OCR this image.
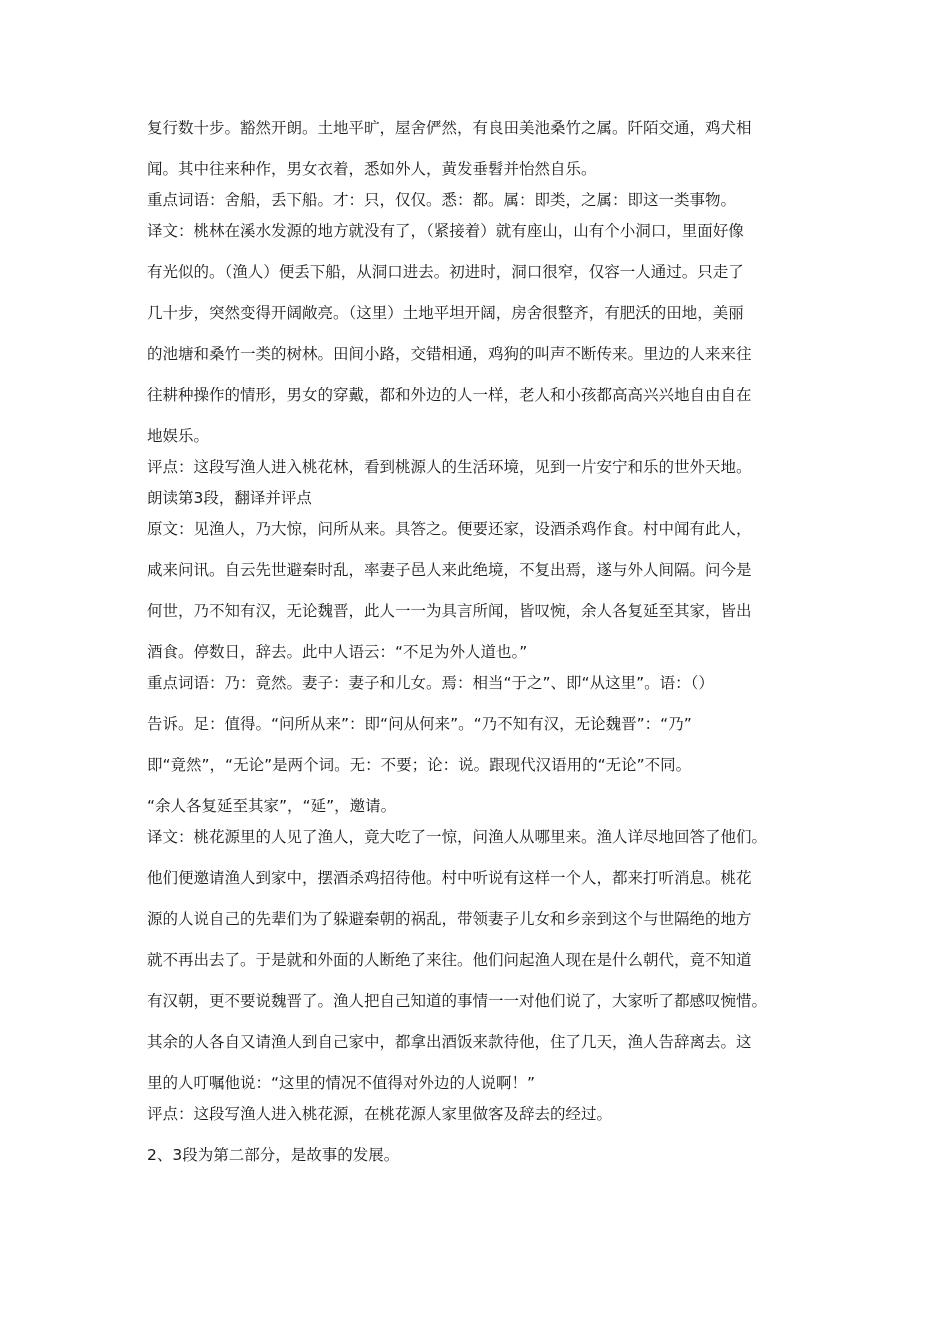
复行数十步。豁然开朗。土地平旷，屋舍俨然，有良田美池桑竹之属。阡陌交通，鸡犬相

闻。其中往来种作，男女衣着，悉如外人，黄发垂髫并怡然自乐。

重点词语：舍船，丢下船。才：只，仅仅。悉：都。属：即类，之属：即这一类事物。

译文：桃林在溪水发源的地方就没有了，（紧接着）就有座山，山有个小洞口，里面好像

有光似的。（渔人）便丢下船，从洞口进去。初进时，洞口很窄，仅容一人通过。只走了

几十步，突然变得开阔敞亮。（这里）土地平坦开阔，房舍很整齐，有肥沃的田地，美丽

的池塘和桑竹一类的树林。田间小路，交错相通，鸡狗的叫声不断传来。里边的人来来往

往耕种操作的情形，男女的穿戴，都和外边的人一样，老人和小孩都高高兴兴地自由自在

地娱乐。

评点：这段写渔人进入桃花林，看到桃源人的生活环境，见到一片安宁和乐的世外天地。

朗读第3段，翻译并评点

原文：见渔人，乃大惊，问所从来。具答之。便要还家，设酒杀鸡作食。村中闻有此人，

咸来问讯。自云先世避秦时乱，率妻子邑人来此绝境，不复出焉，遂与外人间隔。问今是

何世，乃不知有汉，无论魏晋，此人一一为具言所闻，皆叹惋，余人各复延至其家，皆出

酒食。停数日，辞去。此中人语云：“不足为外人道也。”

重点词语：乃：竟然。妻子：妻子和儿女。焉：相当“于之”、即“从这里”。语：（）

告诉。足：值得。“问所从来”：即“问从何来”。“乃不知有汉，无论魏晋”：“乃”

即“竟然”，“无论”是两个词。无：不要；论：说。跟现代汉语用的“无论”不同。

“余人各复延至其家”，“延”，邀请。

译文：桃花源里的人见了渔人，竟大吃了一惊，问渔人从哪里来。渔人详尽地回答了他们。

他们便邀请渔人到家中，摆酒杀鸡招待他。村中听说有这样一个人，都来打听消息。桃花

源的人说自己的先辈们为了躲避秦朝的祸乱，带领妻子儿女和乡亲到这个与世隔绝的地方

就不再出去了。于是就和外面的人断绝了来往。他们问起渔人现在是什么朝代，竟不知道

有汉朝，更不要说魏晋了。渔人把自己知道的事情一一对他们说了，大家听了都感叹惋惜。

其余的人各自又请渔人到自己家中，都拿出酒饭来款待他，住了几天，渔人告辞离去。这

里的人叮嘱他说：“这里的情况不值得对外边的人说啊！”

评点：这段写渔人进入桃花源，在桃花源人家里做客及辞去的经过。

2、3段为第二部分，是故事的发展。
